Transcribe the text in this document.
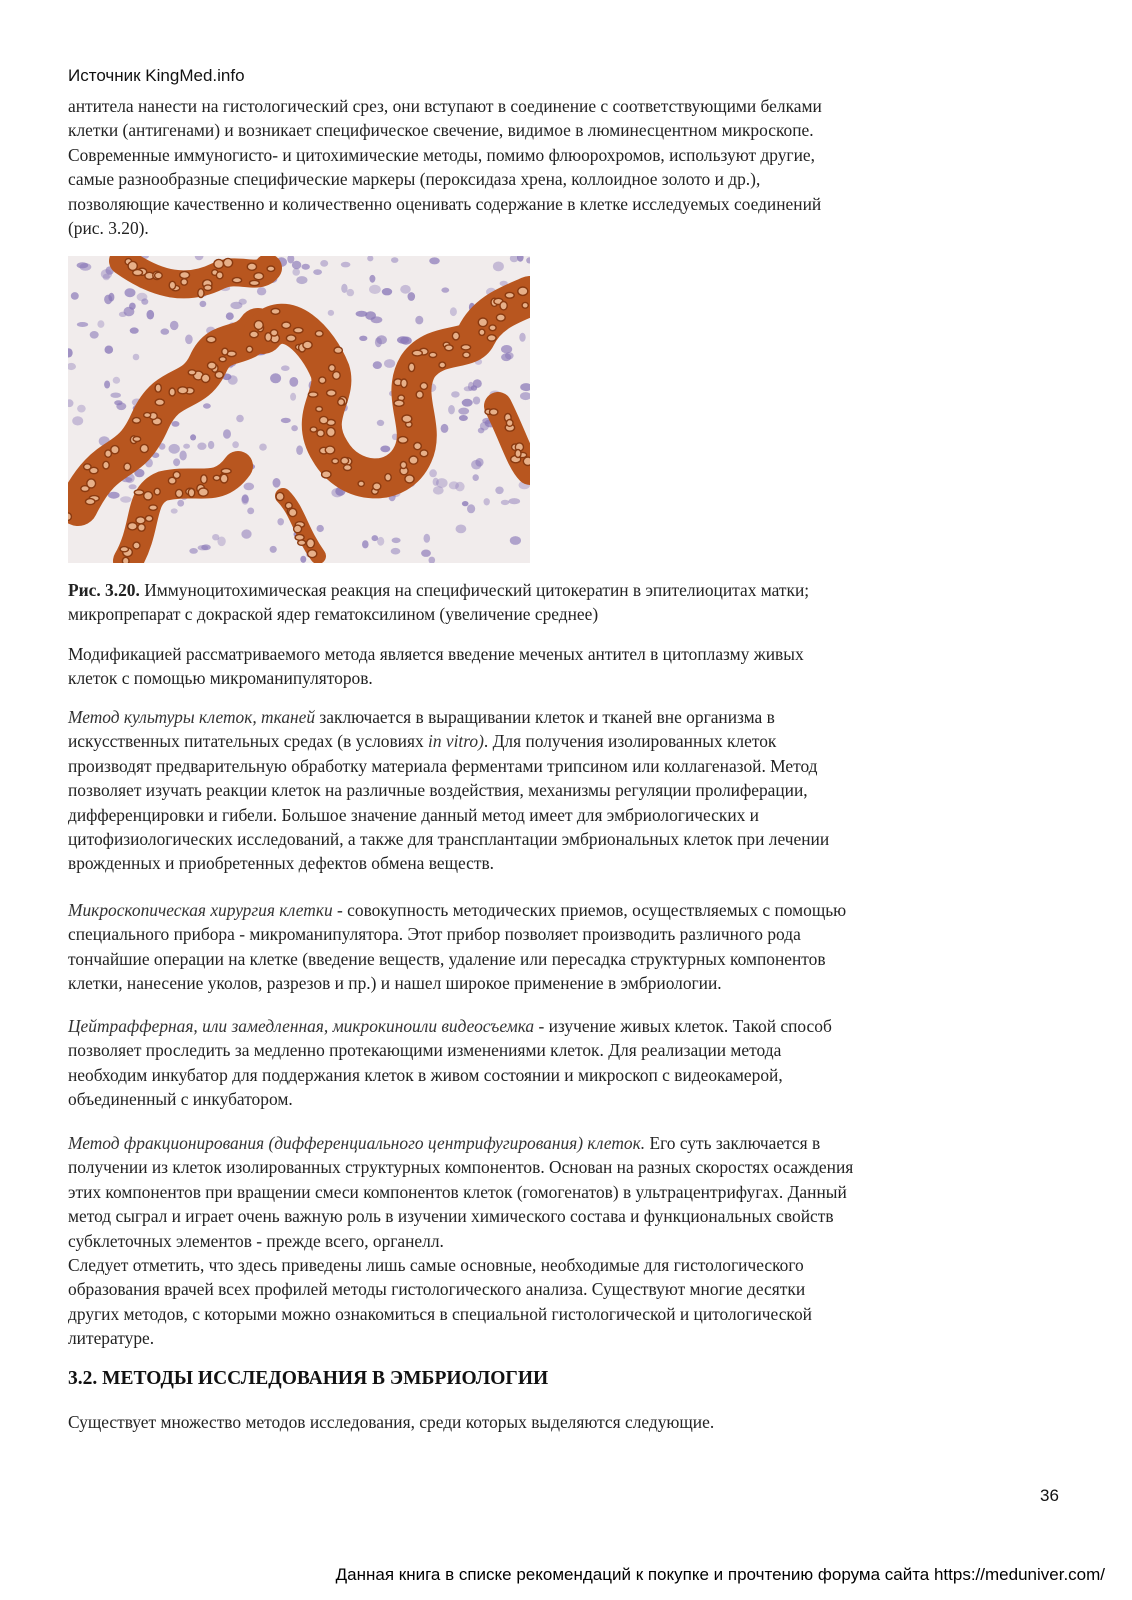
Источник KingMed.info
антитела нанести на гистологический срез, они вступают в соединение с соответствующими белками
клетки (антигенами) и возникает специфическое свечение, видимое в люминесцентном микроскопе.
Современные иммуногисто- и цитохимические методы, помимо флюорохромов, используют другие,
самые разнообразные специфические маркеры (пероксидаза хрена, коллоидное золото и др.),
позволяющие качественно и количественно оценивать содержание в клетке исследуемых соединений
(рис. 3.20).
Рис. 3.20. Иммуноцитохимическая реакция на специфический цитокератин в эпителиоцитах матки;
микропрепарат с докраской ядер гематоксилином (увеличение среднее)
Модификацией рассматриваемого метода является введение меченых антител в цитоплазму живых
клеток с помощью микроманипуляторов.
Метод культуры клеток, тканей заключается в выращивании клеток и тканей вне организма в
искусственных питательных средах (в условиях in vitro). Для получения изолированных клеток
производят предварительную обработку материала ферментами трипсином или коллагеназой. Метод
позволяет изучать реакции клеток на различные воздействия, механизмы регуляции пролиферации,
дифференцировки и гибели. Большое значение данный метод имеет для эмбриологических и
цитофизиологических исследований, а также для трансплантации эмбриональных клеток при лечении
врожденных и приобретенных дефектов обмена веществ.
Микроскопическая хирургия клетки - совокупность методических приемов, осуществляемых с помощью
специального прибора - микроманипулятора. Этот прибор позволяет производить различного рода
тончайшие операции на клетке (введение веществ, удаление или пересадка структурных компонентов
клетки, нанесение уколов, разрезов и пр.) и нашел широкое применение в эмбриологии.
Цейтрафферная, или замедленная, микрокиноили видеосъемка - изучение живых клеток. Такой способ
позволяет проследить за медленно протекающими изменениями клеток. Для реализации метода
необходим инкубатор для поддержания клеток в живом состоянии и микроскоп с видеокамерой,
объединенный с инкубатором.
Метод фракционирования (дифференциального центрифугирования) клеток. Его суть заключается в
получении из клеток изолированных структурных компонентов. Основан на разных скоростях осаждения
этих компонентов при вращении смеси компонентов клеток (гомогенатов) в ультрацентрифугах. Данный
метод сыграл и играет очень важную роль в изучении химического состава и функциональных свойств
субклеточных элементов - прежде всего, органелл.
Следует отметить, что здесь приведены лишь самые основные, необходимые для гистологического
образования врачей всех профилей методы гистологического анализа. Существуют многие десятки
других методов, с которыми можно ознакомиться в специальной гистологической и цитологической
литературе.
3.2. МЕТОДЫ ИССЛЕДОВАНИЯ В ЭМБРИОЛОГИИ
Существует множество методов исследования, среди которых выделяются следующие.
36
Данная книга в списке рекомендаций к покупке и прочтению форума сайта https://meduniver.com/
